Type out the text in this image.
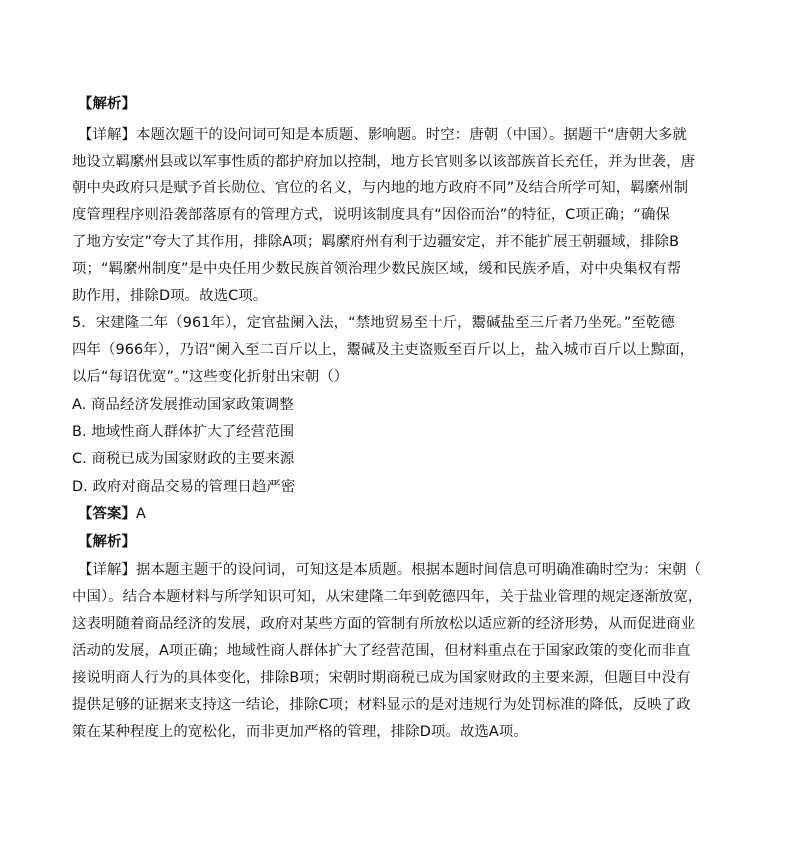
【解析】
【详解】本题次题干的设问词可知是本质题、影响题。时空：唐朝（中国）。据题干“唐朝大多就
地设立羁縻州县或以军事性质的都护府加以控制，地方长官则多以该部族首长充任，并为世袭，唐
朝中央政府只是赋予首长勋位、官位的名义，与内地的地方政府不同”及结合所学可知，羁縻州制
度管理程序则沿袭部落原有的管理方式，说明该制度具有“因俗而治”的特征，C项正确；“确保
了地方安定”夸大了其作用，排除A项；羁縻府州有利于边疆安定，并不能扩展王朝疆域，排除B
项；“羁縻州制度”是中央任用少数民族首领治理少数民族区域，缓和民族矛盾，对中央集权有帮
助作用，排除D项。故选C项。
5．宋建隆二年（961年），定官盐阑入法，“禁地贸易至十斤，鬻碱盐至三斤者乃坐死。”至乾德
四年（966年），乃诏“阑入至二百斤以上，鬻碱及主吏盗贩至百斤以上，盐入城市百斤以上黥面，
以后“每诏优宽”。”这些变化折射出宋朝（）
A. 商品经济发展推动国家政策调整
B. 地域性商人群体扩大了经营范围
C. 商税已成为国家财政的主要来源
D. 政府对商品交易的管理日趋严密
【答案】A
【解析】
【详解】据本题主题干的设问词，可知这是本质题。根据本题时间信息可明确准确时空为：宋朝（
中国）。结合本题材料与所学知识可知，从宋建隆二年到乾德四年，关于盐业管理的规定逐渐放宽，
这表明随着商品经济的发展，政府对某些方面的管制有所放松以适应新的经济形势，从而促进商业
活动的发展，A项正确；地域性商人群体扩大了经营范围，但材料重点在于国家政策的变化而非直
接说明商人行为的具体变化，排除B项；宋朝时期商税已成为国家财政的主要来源，但题目中没有
提供足够的证据来支持这一结论，排除C项；材料显示的是对违规行为处罚标准的降低，反映了政
策在某种程度上的宽松化，而非更加严格的管理，排除D项。故选A项。
